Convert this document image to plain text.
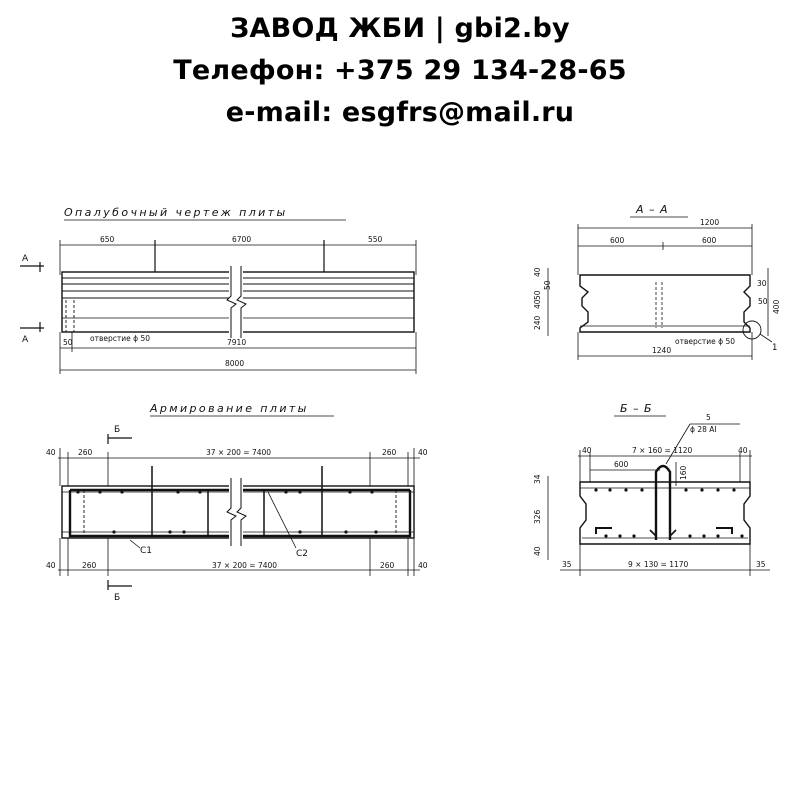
ЗАВОД ЖБИ | gbi2.by
Телефон: +375 29 134-28-65
e-mail: esgfrs@mail.ru
Опалубочный чертеж плиты
650	6700	550
А
А	50 отверстие ϕ 50	7910
8000
А – А
1200
600	600
1
40
50
50
40
240
30
50 400
1240
отверстие ϕ 50
Армирование плиты
Б
40	260	37 × 200 = 7400	260	40
С1	С2
40	260	37 × 200 = 7400	260	40
Б
Б – Б
5
ϕ 28 АI
40	7 × 160 = 1120	40
600
160
34
326
40
35	9 × 130 = 1170	35
